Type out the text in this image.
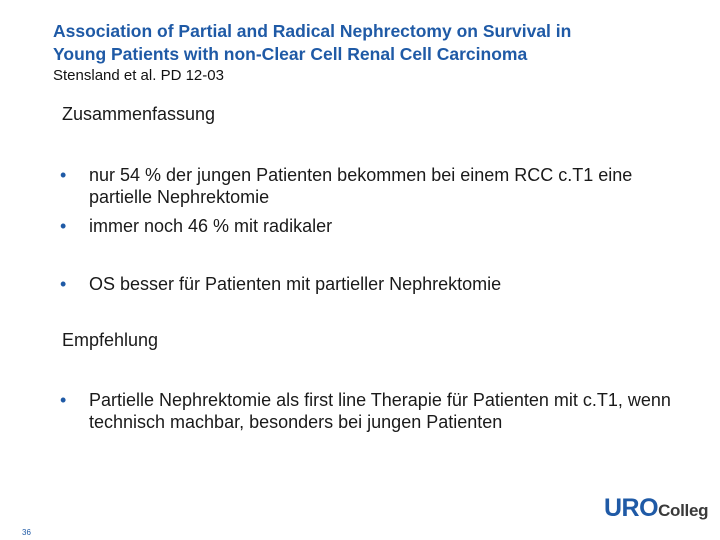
Association of Partial and Radical Nephrectomy on Survival in
Young Patients with non-Clear Cell Renal Cell Carcinoma
Stensland et al. PD 12-03
Zusammenfassung
•	nur 54 % der jungen Patienten bekommen bei einem RCC c.T1 eine partielle Nephrektomie
•	immer noch 46 % mit radikaler
•	OS besser für Patienten mit partieller Nephrektomie
Empfehlung
•	Partielle Nephrektomie als first line Therapie für Patienten mit c.T1, wenn technisch machbar, besonders bei jungen Patienten
36
UROColleg
